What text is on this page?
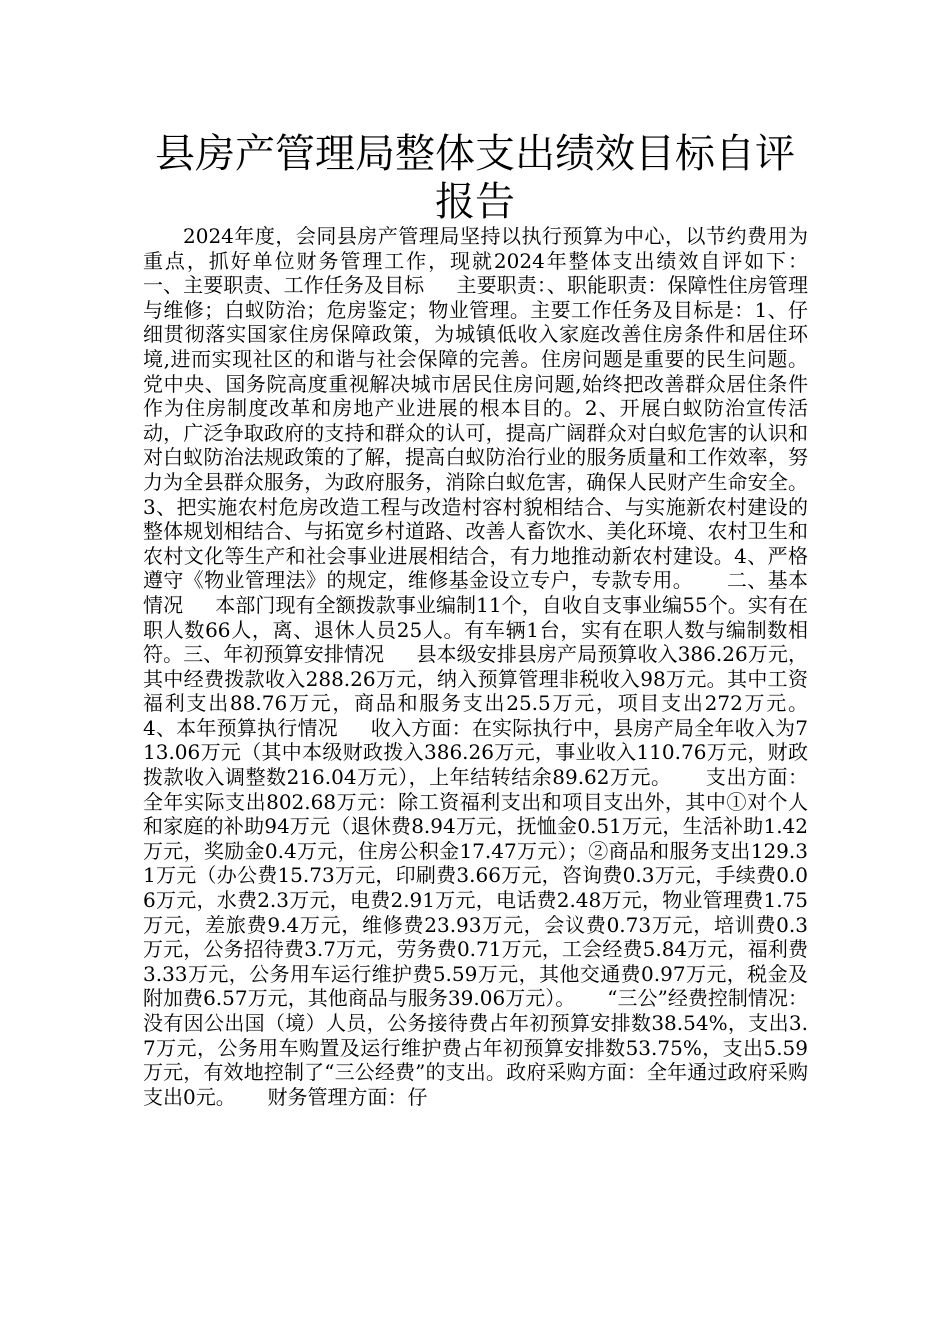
县房产管理局整体支出绩效目标自评报告

2024年度，会同县房产管理局坚持以执行预算为中心，以节约费用为重点，抓好单位财务管理工作，现就2024年整体支出绩效自评如下：      一、主要职责、工作任务及目标     主要职责：、职能职责：保障性住房管理与维修；白蚁防治；危房鉴定；物业管理。主要工作任务及目标是：1、仔细贯彻落实国家住房保障政策，为城镇低收入家庭改善住房条件和居住环境,进而实现社区的和谐与社会保障的完善。住房问题是重要的民生问题。党中央、国务院高度重视解决城市居民住房问题,始终把改善群众居住条件作为住房制度改革和房地产业进展的根本目的。2、开展白蚁防治宣传活动，广泛争取政府的支持和群众的认可，提高广阔群众对白蚁危害的认识和对白蚁防治法规政策的了解，提高白蚁防治行业的服务质量和工作效率，努力为全县群众服务，为政府服务，消除白蚁危害，确保人民财产生命安全。3、把实施农村危房改造工程与改造村容村貌相结合、与实施新农村建设的整体规划相结合、与拓宽乡村道路、改善人畜饮水、美化环境、农村卫生和农村文化等生产和社会事业进展相结合，有力地推动新农村建设。4、严格遵守《物业管理法》的规定，维修基金设立专户，专款专用。     二、基本情况     本部门现有全额拨款事业编制11个，自收自支事业编55个。实有在职人数66人，离、退休人员25人。有车辆1台，实有在职人数与编制数相符。三、年初预算安排情况     县本级安排县房产局预算收入386.26万元，其中经费拨款收入288.26万元，纳入预算管理非税收入98万元。其中工资福利支出88.76万元，商品和服务支出25.5万元，项目支出272万元。     4、本年预算执行情况     收入方面：在实际执行中，县房产局全年收入为713.06万元（其中本级财政拨入386.26万元，事业收入110.76万元，财政拨款收入调整数216.04万元），上年结转结余89.62万元。     支出方面：全年实际支出802.68万元：除工资福利支出和项目支出外，其中①对个人和家庭的补助94万元（退休费8.94万元，抚恤金0.51万元，生活补助1.42万元，奖励金0.4万元，住房公积金17.47万元）；②商品和服务支出129.31万元（办公费15.73万元，印刷费3.66万元，咨询费0.3万元，手续费0.06万元，水费2.3万元，电费2.91万元，电话费2.48万元，物业管理费1.75万元，差旅费9.4万元，维修费23.93万元，会议费0.73万元，培训费0.3万元，公务招待费3.7万元，劳务费0.71万元，工会经费5.84万元，福利费3.33万元，公务用车运行维护费5.59万元，其他交通费0.97万元，税金及附加费6.57万元，其他商品与服务39.06万元）。     “三公”经费控制情况：没有因公出国（境）人员，公务接待费占年初预算安排数38.54%，支出3.7万元，公务用车购置及运行维护费占年初预算安排数53.75%，支出5.59万元，有效地控制了“三公经费”的支出。政府采购方面：全年通过政府采购支出0元。     财务管理方面：仔
